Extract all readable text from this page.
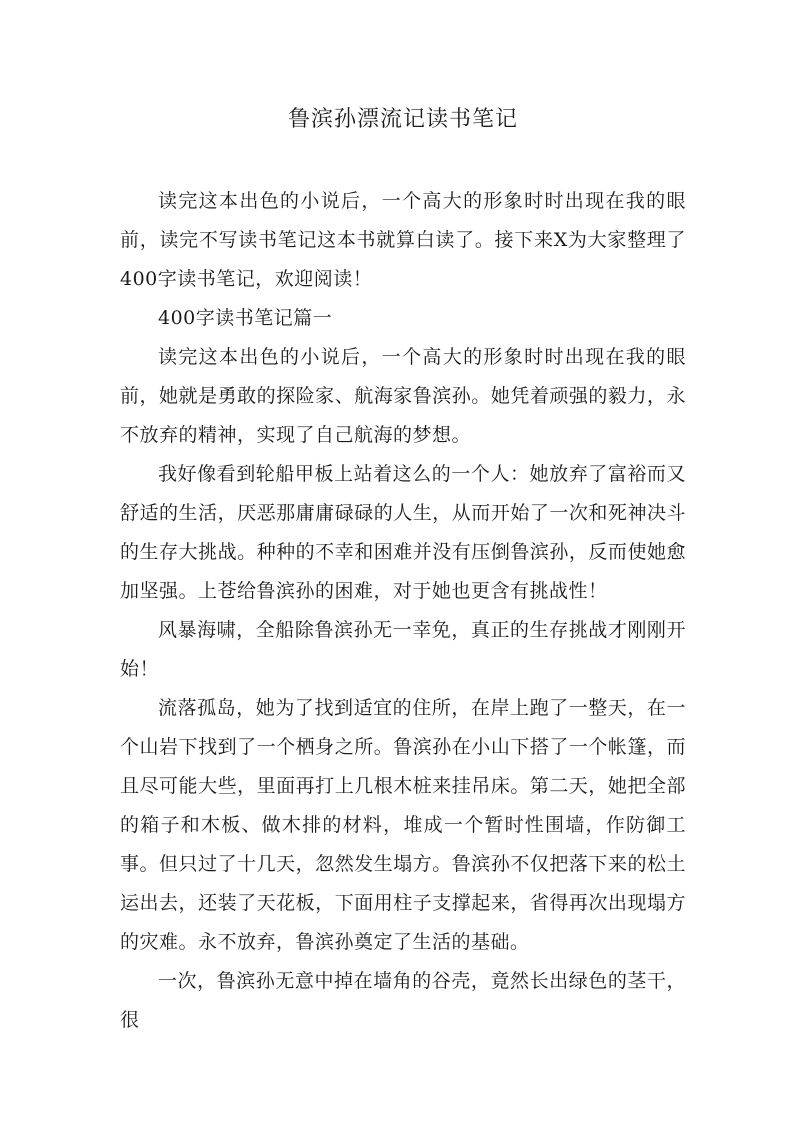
鲁滨孙漂流记读书笔记

读完这本出色的小说后，一个高大的形象时时出现在我的眼前，读完不写读书笔记这本书就算白读了。接下来X为大家整理了400字读书笔记，欢迎阅读！

400字读书笔记篇一

读完这本出色的小说后，一个高大的形象时时出现在我的眼前，她就是勇敢的探险家、航海家鲁滨孙。她凭着顽强的毅力，永不放弃的精神，实现了自己航海的梦想。

我好像看到轮船甲板上站着这么的一个人：她放弃了富裕而又舒适的生活，厌恶那庸庸碌碌的人生，从而开始了一次和死神决斗的生存大挑战。种种的不幸和困难并没有压倒鲁滨孙，反而使她愈加坚强。上苍给鲁滨孙的困难，对于她也更含有挑战性！

风暴海啸，全船除鲁滨孙无一幸免，真正的生存挑战才刚刚开始！

流落孤岛，她为了找到适宜的住所，在岸上跑了一整天，在一个山岩下找到了一个栖身之所。鲁滨孙在小山下搭了一个帐篷，而且尽可能大些，里面再打上几根木桩来挂吊床。第二天，她把全部的箱子和木板、做木排的材料，堆成一个暂时性围墙，作防御工事。但只过了十几天，忽然发生塌方。鲁滨孙不仅把落下来的松土运出去，还装了天花板，下面用柱子支撑起来，省得再次出现塌方的灾难。永不放弃，鲁滨孙奠定了生活的基础。

一次，鲁滨孙无意中掉在墙角的谷壳，竟然长出绿色的茎干，很
